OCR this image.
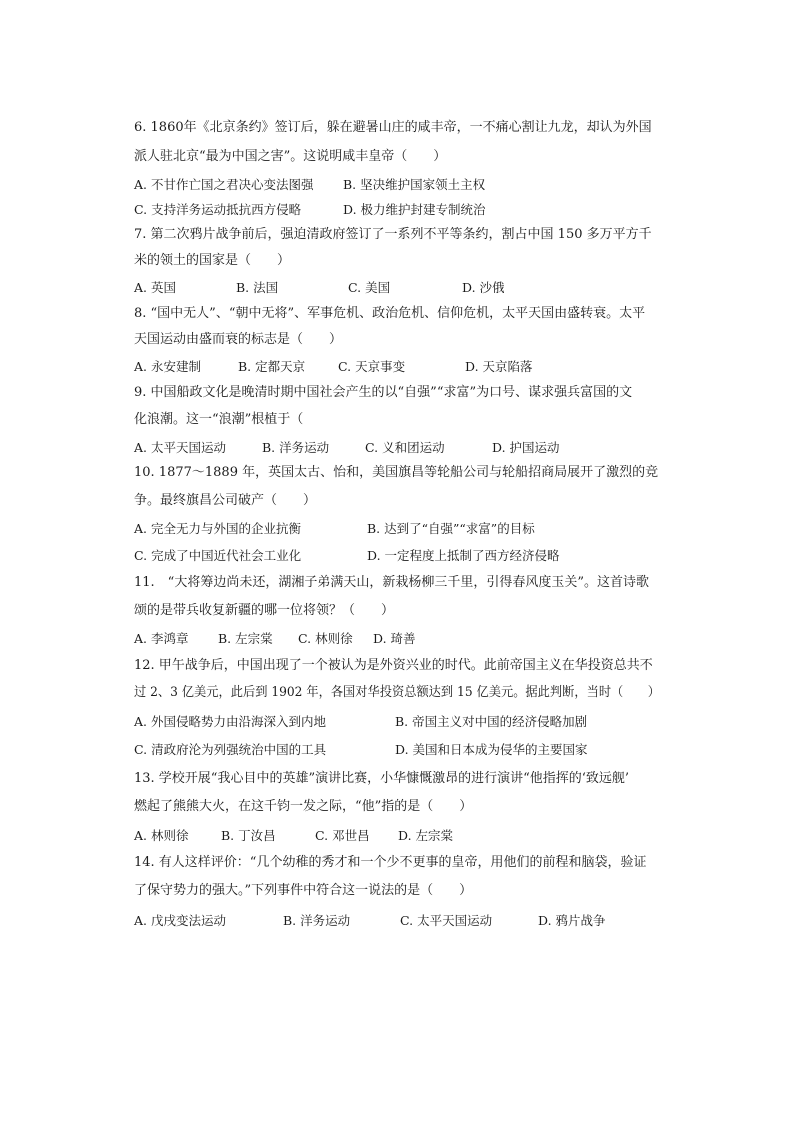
6. 1860年《北京条约》签订后，躲在避暑山庄的咸丰帝，一不痛心割让九龙，却认为外国
派人驻北京“最为中国之害”。这说明咸丰皇帝（　　）
A. 不甘作亡国之君决心变法图强 B. 坚决维护国家领土主权
C. 支持洋务运动抵抗西方侵略	D. 极力维护封建专制统治
7. 第二次鸦片战争前后，强迫清政府签订了一系列不平等条约，割占中国 150 多万平方千
米的领土的国家是（　　）
A. 英国	B. 法国	C. 美国	D. 沙俄
8. “国中无人”、“朝中无将”、军事危机、政治危机、信仰危机，太平天国由盛转衰。太平
天国运动由盛而衰的标志是（　　）
A. 永安建制	B. 定都天京	C. 天京事变	D. 天京陷落
9. 中国船政文化是晚清时期中国社会产生的以“自强”“求富”为口号、谋求强兵富国的文
化浪潮。这一“浪潮”根植于（
A. 太平天国运动	B. 洋务运动	C. 义和团运动	D. 护国运动
10. 1877～1889 年，英国太古、怡和，美国旗昌等轮船公司与轮船招商局展开了激烈的竞
争。最终旗昌公司破产（　　）
A. 完全无力与外国的企业抗衡	B. 达到了“自强”“求富”的目标
C. 完成了中国近代社会工业化	D. 一定程度上抵制了西方经济侵略
11.　“大将筹边尚未还，湖湘子弟满天山，新栽杨柳三千里，引得春风度玉关”。这首诗歌
颂的是带兵收复新疆的哪一位将领？（　　）
A. 李鸿章 B. 左宗棠 C. 林则徐 D. 琦善
12. 甲午战争后，中国出现了一个被认为是外资兴业的时代。此前帝国主义在华投资总共不
过 2、3 亿美元，此后到 1902 年，各国对华投资总额达到 15 亿美元。据此判断，当时（　　）
A. 外国侵略势力由沿海深入到内地	B. 帝国主义对中国的经济侵略加剧
C. 清政府沦为列强统治中国的工具	D. 美国和日本成为侵华的主要国家
13. 学校开展“我心目中的英雄”演讲比赛，小华慷慨激昂的进行演讲“他指挥的‘致远舰’
燃起了熊熊大火，在这千钧一发之际，“他”指的是（　　）
A. 林则徐	B. 丁汝昌	C. 邓世昌 D. 左宗棠
14. 有人这样评价：“几个幼稚的秀才和一个少不更事的皇帝，用他们的前程和脑袋，验证
了保守势力的强大。”下列事件中符合这一说法的是（　　）
A. 戊戌变法运动	B. 洋务运动	C. 太平天国运动	D. 鸦片战争
